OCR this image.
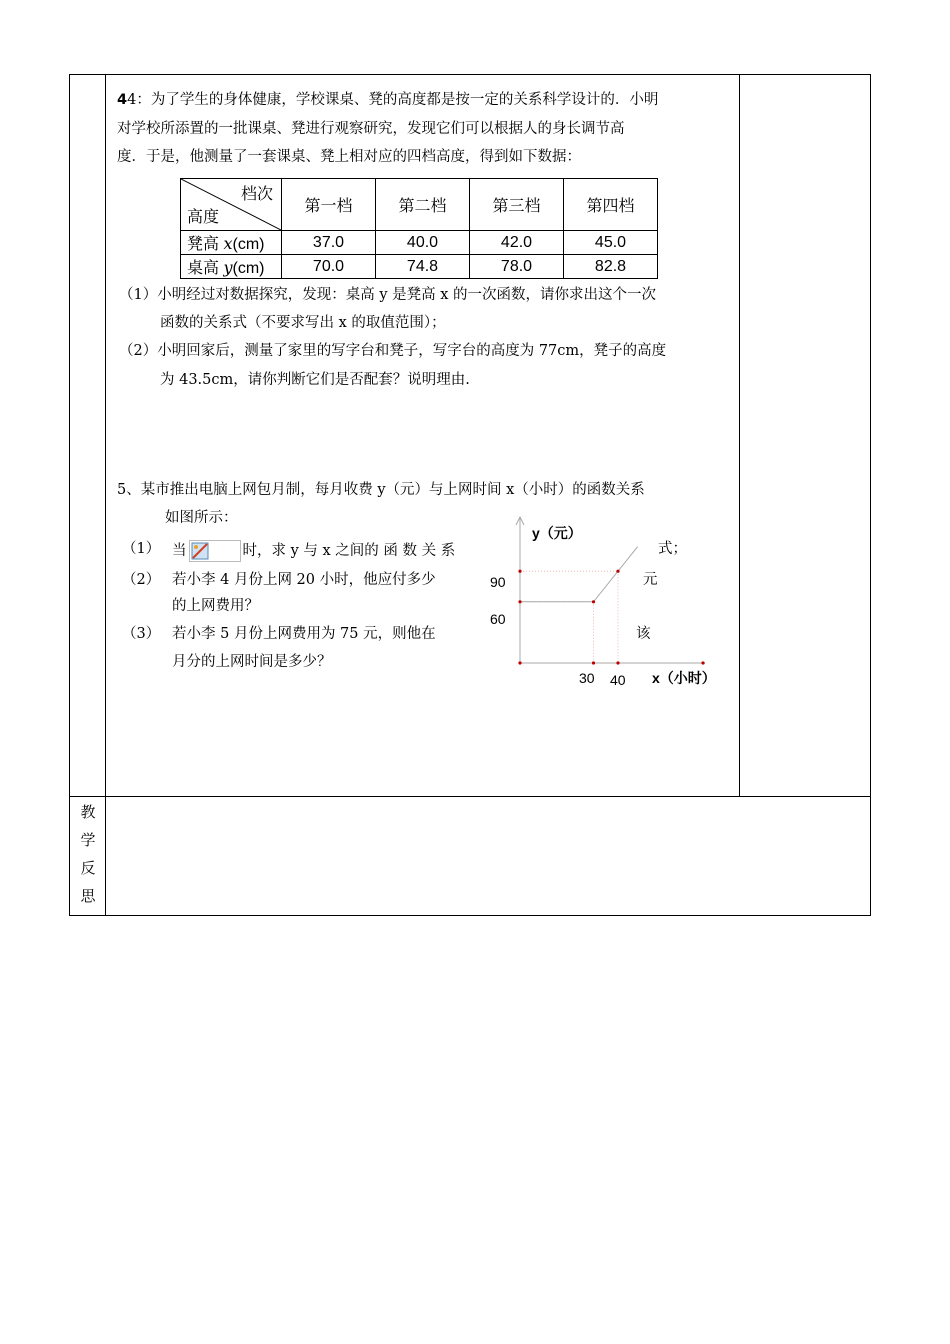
44：为了学生的身体健康，学校课桌、凳的高度都是按一定的关系科学设计的．小明
对学校所添置的一批课桌、凳进行观察研究，发现它们可以根据人的身长调节高
度．于是，他测量了一套课桌、凳上相对应的四档高度，得到如下数据：
档次
高度	第一档	第二档	第三档	第四档
凳高 x(cm)	37.0	40.0	42.0	45.0
桌高 y(cm)	70.0	74.8	78.0	82.8
（1）小明经过对数据探究，发现：桌高 y 是凳高 x 的一次函数，请你求出这个一次
函数的关系式（不要求写出 x 的取值范围）；
（2）小明回家后，测量了家里的写字台和凳子，写字台的高度为 77cm，凳子的高度
为 43.5cm，请你判断它们是否配套？说明理由.
5、某市推出电脑上网包月制，每月收费 y（元）与上网时间 x（小时）的函数关系
如图所示：
（1） 当	时，求 y 与 x 之间的 函 数 关 系	式；
（2） 若小李 4 月份上网 20 小时，他应付多少	元
的上网费用？
（3） 若小李 5 月份上网费用为 75 元，则他在	该
月分的上网时间是多少？
y（元）
x（小时）
90
60
30 40
教
学
反
思
